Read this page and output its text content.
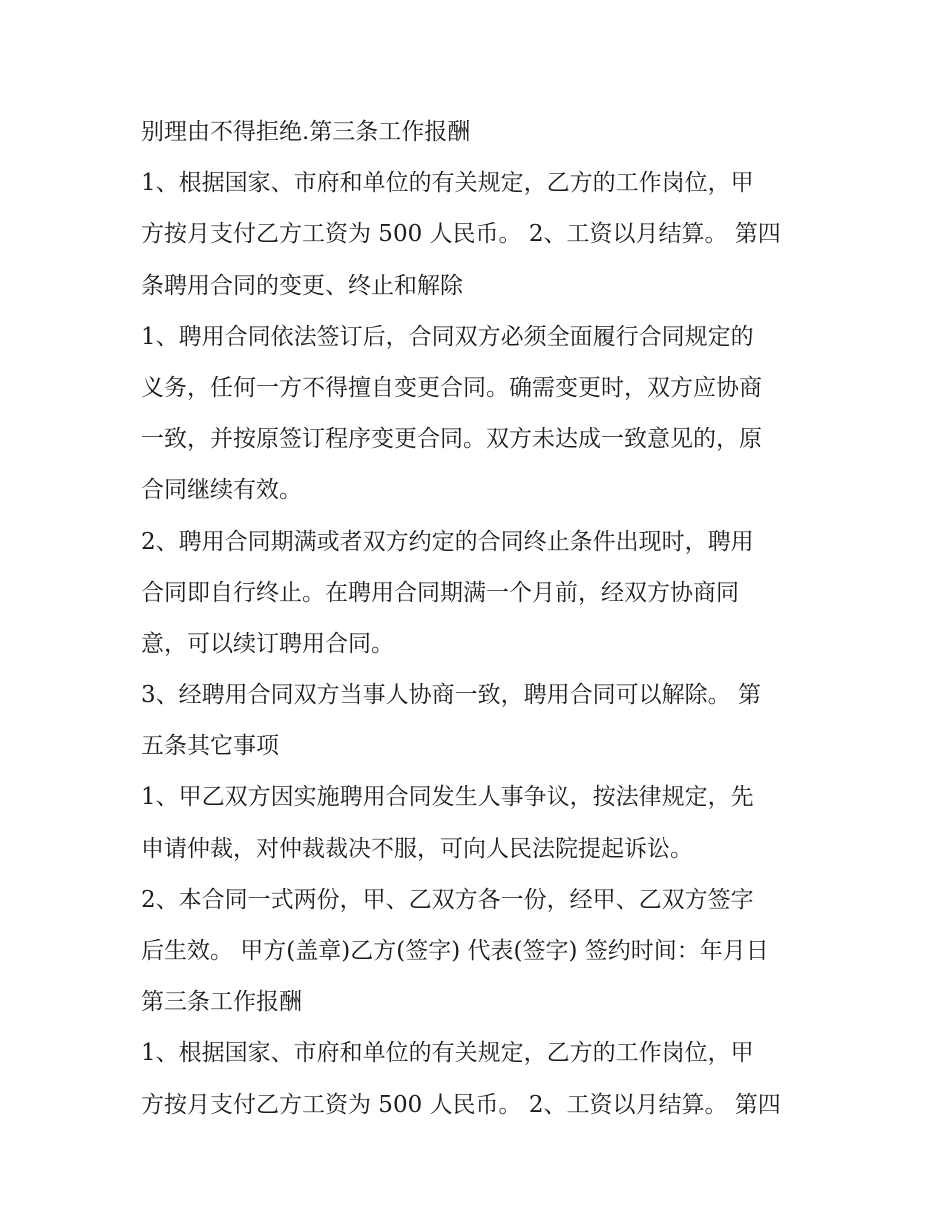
别理由不得拒绝.第三条工作报酬
1、根据国家、市府和单位的有关规定，乙方的工作岗位，甲
方按月支付乙方工资为 500 人民币。 2、工资以月结算。 第四
条聘用合同的变更、终止和解除
1、聘用合同依法签订后，合同双方必须全面履行合同规定的
义务，任何一方不得擅自变更合同。确需变更时，双方应协商
一致，并按原签订程序变更合同。双方未达成一致意见的，原
合同继续有效。
2、聘用合同期满或者双方约定的合同终止条件出现时，聘用
合同即自行终止。在聘用合同期满一个月前，经双方协商同
意，可以续订聘用合同。
3、经聘用合同双方当事人协商一致，聘用合同可以解除。 第
五条其它事项
1、甲乙双方因实施聘用合同发生人事争议，按法律规定，先
申请仲裁，对仲裁裁决不服，可向人民法院提起诉讼。
2、本合同一式两份，甲、乙双方各一份，经甲、乙双方签字
后生效。 甲方(盖章)乙方(签字) 代表(签字) 签约时间：年月日
第三条工作报酬
1、根据国家、市府和单位的有关规定，乙方的工作岗位，甲
方按月支付乙方工资为 500 人民币。 2、工资以月结算。 第四
